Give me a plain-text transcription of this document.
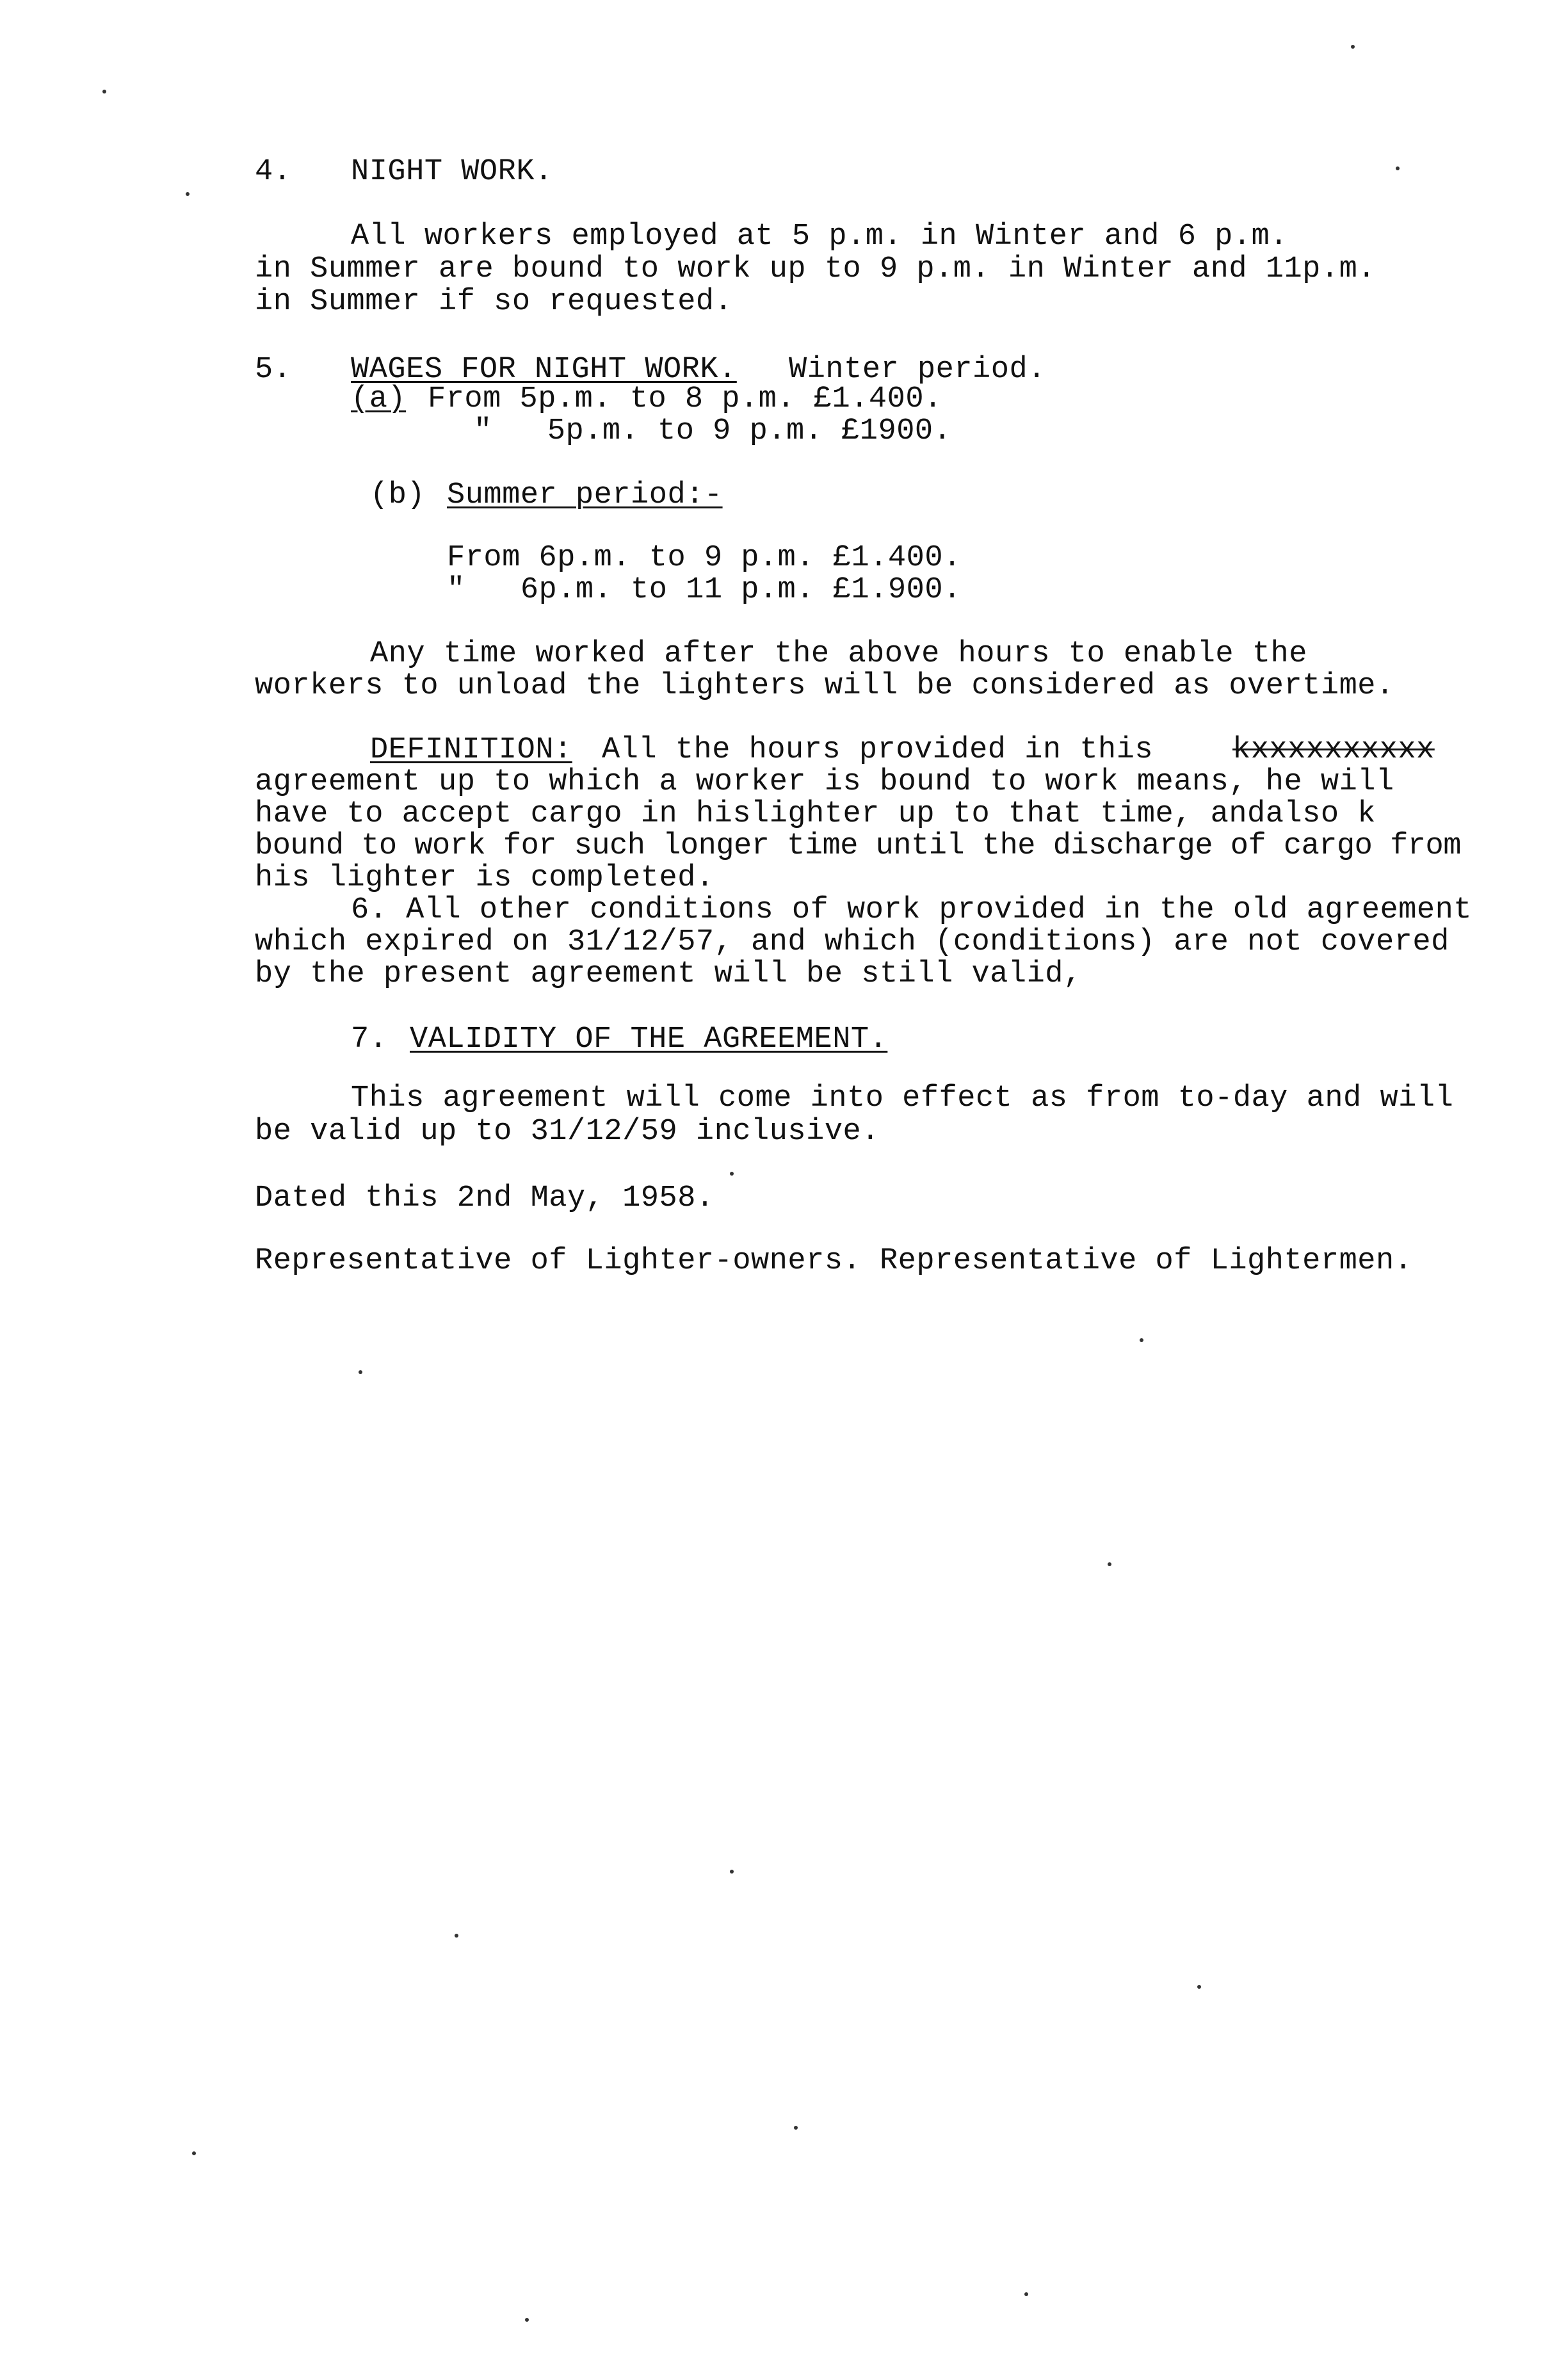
4. NIGHT WORK.
All workers employed at 5 p.m. in Winter and 6 p.m.
in Summer are bound to work up to 9 p.m. in Winter and 11p.m.
in Summer if so requested.
5. WAGES FOR NIGHT WORK. Winter period.
(a) From 5p.m. to 8 p.m. £1.400.
"   5p.m. to 9 p.m. £1900.
(b) Summer period:-
From 6p.m. to 9 p.m. £1.400.
"   6p.m. to 11 p.m. £1.900.
Any time worked after the above hours to enable the
workers to unload the lighters will be considered as overtime.
DEFINITION: All the hours provided in this	kxxxxxxxxxx
agreement up to which a worker is bound to work means, he will
have to accept cargo in hislighter up to that time, andalso k
bound to work for such longer time until the discharge of cargo from
his lighter is completed.
6. All other conditions of work provided in the old agreement
which expired on 31/12/57, and which (conditions) are not covered
by the present agreement will be still valid,
7. VALIDITY OF THE AGREEMENT.
This agreement will come into effect as from to-day and will
be valid up to 31/12/59 inclusive.
Dated this 2nd May, 1958.
Representative of Lighter-owners. Representative of Lightermen.
